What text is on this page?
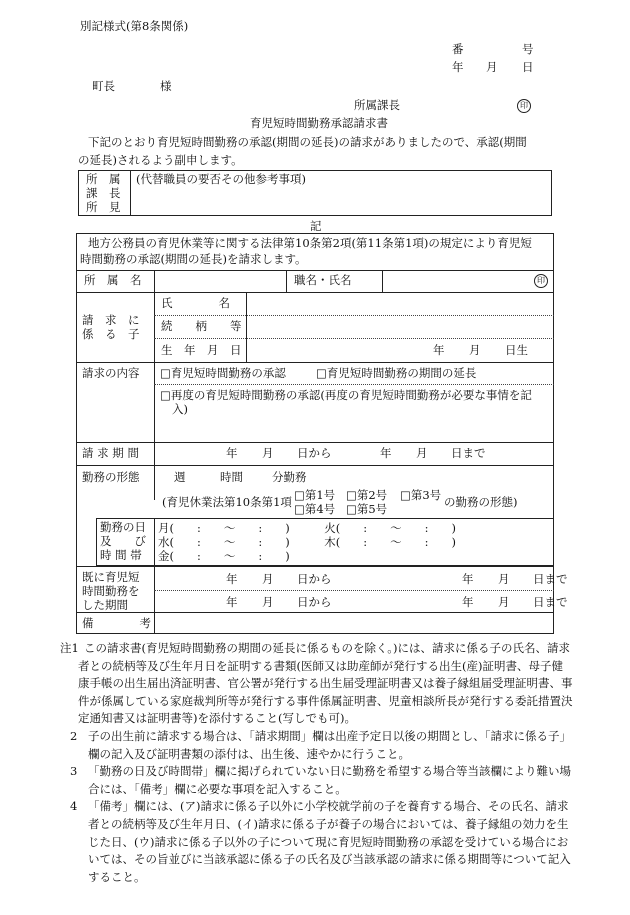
別記様式(第8条関係)
番	号
年 月 日
町長	様
所属課長	印
育児短時間勤務承認請求書
下記のとおり育児短時間勤務の承認(期間の延長)の請求がありましたので、承認(期間
の延長)されるよう副申します。
所　属
課　長
所　見
(代替職員の要否その他参考事項)
記
地方公務員の育児休業等に関する法律第10条第2項(第11条第1項)の規定により育児短
時間勤務の承認(期間の延長)を請求します。
所　属　名	職名・氏名	印
請　求　に
係　る　子
氏　　　　名
続　　柄　　等
生　年　月　日	年 月 日生
請求の内容 □育児短時間勤務の承認	□育児短時間勤務の期間の延長
□再度の育児短時間勤務の承認(再度の育児短時間勤務が必要な事情を記
入)
請 求 期 間	年 月 日から	年 月 日まで
勤務の形態	週	時間	分勤務
(育児休業法第10条第1項 □第1号 □第2号 □第3号
□第4号 □第5号	の勤務の形態)
勤務の日
及　　び
時 間 帯
月(　　:　　〜　　:　　)　　　火(　　:　　〜　　:　　)
水(　　:　　〜　　:　　)　　　木(　　:　　〜　　:　　)
金(　　:　　〜　　:　　)
既に育児短
時間勤務を
した期間
年 月 日から	年 月 日まで
年 月 日から	年 月 日まで
備　　　　考
注1 この請求書(育児短時間勤務の期間の延長に係るものを除く。)には、請求に係る子の氏名、請求者との続柄等及び生年月日を証明する書類(医師又は助産師が発行する出生(産)証明書、母子健康手帳の出生届出済証明書、官公署が発行する出生届受理証明書又は養子縁組届受理証明書、事件が係属している家庭裁判所等が発行する事件係属証明書、児童相談所長が発行する委託措置決定通知書又は証明書等)を添付すること(写しでも可)。
2 子の出生前に請求する場合は、「請求期間」欄は出産予定日以後の期間とし、「請求に係る子」欄の記入及び証明書類の添付は、出生後、速やかに行うこと。
3 「勤務の日及び時間帯」欄に掲げられていない日に勤務を希望する場合等当該欄により難い場合には、「備考」欄に必要な事項を記入すること。
4 「備考」欄には、(ア)請求に係る子以外に小学校就学前の子を養育する場合、その氏名、請求者との続柄等及び生年月日、(イ)請求に係る子が養子の場合においては、養子縁組の効力を生じた日、(ウ)請求に係る子以外の子について現に育児短時間勤務の承認を受けている場合においては、その旨並びに当該承認に係る子の氏名及び当該承認の請求に係る期間等について記入すること。
